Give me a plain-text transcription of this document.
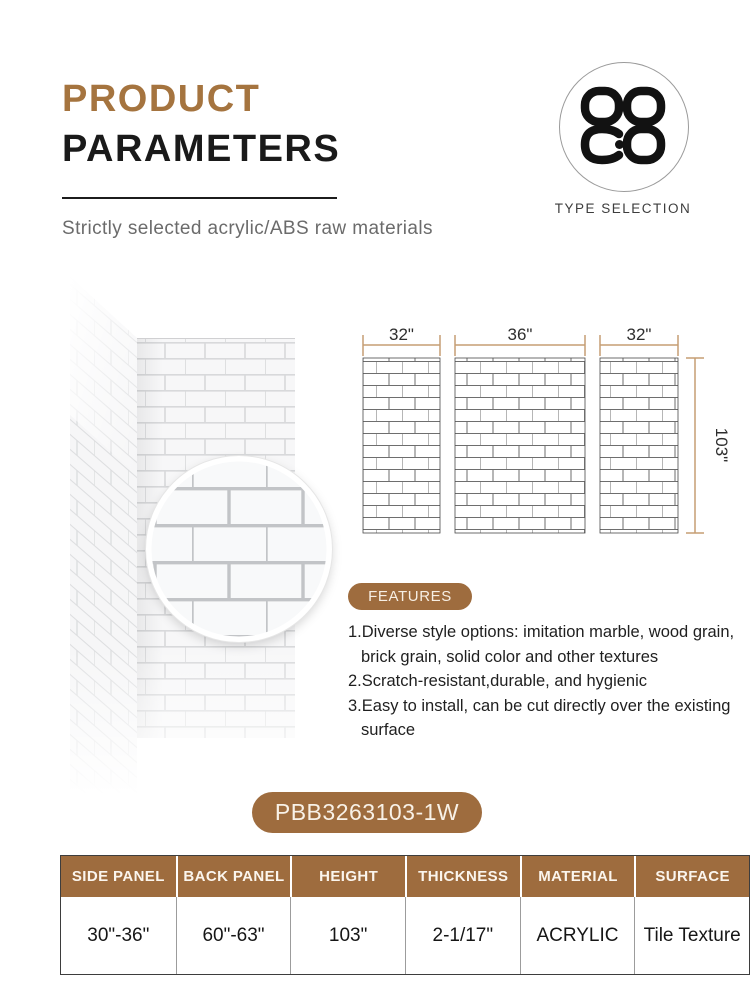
PRODUCT
PARAMETERS
Strictly selected acrylic/ABS raw materials
TYPE SELECTION
32"	36"	32"
103"
FEATURES
1.Diverse style options: imitation marble, wood grain, brick grain, solid color and other textures
2.Scratch-resistant,durable, and hygienic
3.Easy to install, can be cut directly over the existing surface
PBB3263103-1W
SIDE PANEL	BACK PANEL	HEIGHT	THICKNESS	MATERIAL	SURFACE
30"-36"	60"-63"	103"	2-1/17"	ACRYLIC	Tile Texture
